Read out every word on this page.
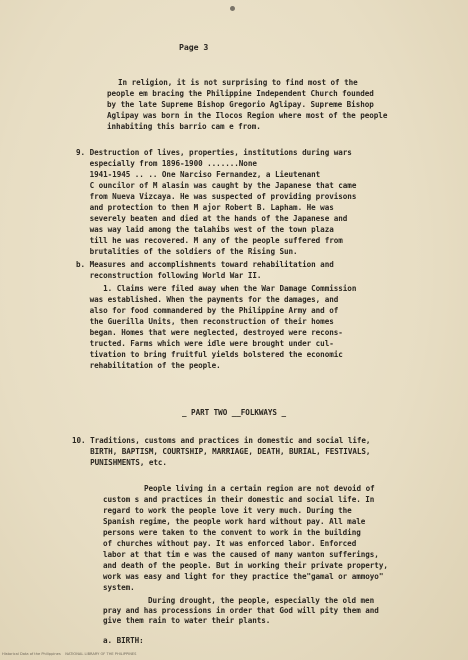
Page 3
In religion, it is not surprising to find most of the
people em bracing the Philippine Independent Church founded
by the late Supreme Bishop Gregorio Aglipay. Supreme Bishop
Aglipay was born in the Ilocos Region where most of the people
inhabiting this barrio cam e from.
9. Destruction of lives, properties, institutions during wars
especially from 1896-1900 .......None
1941-1945 .. .. One Narciso Fernandez, a Lieutenant
C ouncilor of M alasin was caught by the Japanese that came
from Nueva Vizcaya. He was suspected of providing provisons
and protection to then M ajor Robert B. Lapham. He was
severely beaten and died at the hands of the Japanese and
was way laid among the talahibs west of the town plaza
till he was recovered. M any of the people suffered from
brutalities of the soldiers of the Rising Sun.
b. Measures and accomplishments toward rehabilitation and
reconstruction following World War II.
1. Claims were filed away when the War Damage Commission
was established. When the payments for the damages, and
also for food commandered by the Philippine Army and of
the Guerilla Units, then reconstruction of their homes
began. Homes that were neglected, destroyed were recons-
tructed. Farms which were idle were brought under cul-
tivation to bring fruitful yields bolstered the economic
rehabilitation of the people.
_ PART TWO __FOLKWAYS _
10. Traditions, customs and practices in domestic and social life,
BIRTH, BAPTISM, COURTSHIP, MARRIAGE, DEATH, BURIAL, FESTIVALS,
PUNISHMENTS, etc.
People living in a certain region are not devoid of
custom s and practices in their domestic and social life. In
regard to work the people love it very much. During the
Spanish regime, the people work hard without pay. All male
persons were taken to the convent to work in the building
of churches without pay. It was enforced labor. Enforced
labor at that tim e was the caused of many wanton sufferings,
and death of the people. But in working their private property,
work was easy and light for they practice the"gamal or ammoyo"
system.
During drought, the people, especially the old men
pray and has processions in order that God will pity them and
give them rain to water their plants.
a. BIRTH:
Historical Data of the Philippines    NATIONAL LIBRARY OF THE PHILIPPINES
